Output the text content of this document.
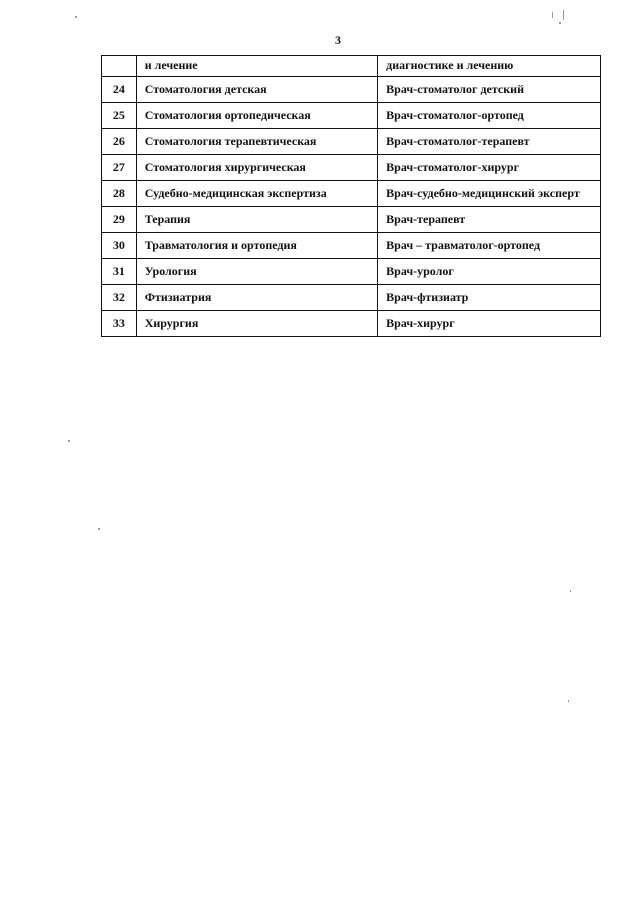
3
	и лечение	диагностике и лечению
24	Стоматология детская	Врач-стоматолог детский
25	Стоматология ортопедическая	Врач-стоматолог-ортопед
26	Стоматология терапевтическая	Врач-стоматолог-терапевт
27	Стоматология хирургическая	Врач-стоматолог-хирург
28	Судебно-медицинская экспертиза	Врач-судебно-медицинский эксперт
29	Терапия	Врач-терапевт
30	Травматология и ортопедия	Врач – травматолог-ортопед
31	Урология	Врач-уролог
32	Фтизиатрия	Врач-фтизиатр
33	Хирургия	Врач-хирург
